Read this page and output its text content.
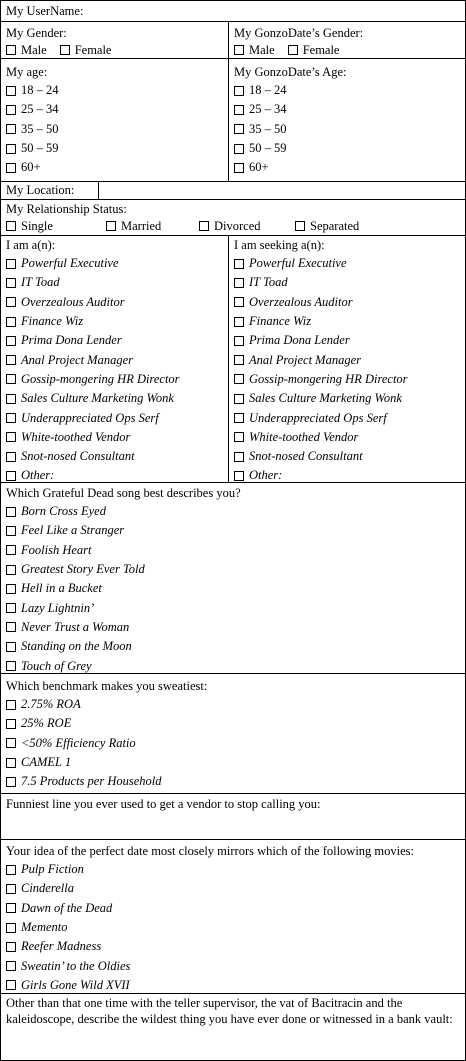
My UserName:
My Gender:
Male Female
My GonzoDate’s Gender:
Male Female
My age:
18 – 24
25 – 34
35 – 50
50 – 59
60+
My GonzoDate’s Age:
18 – 24
25 – 34
35 – 50
50 – 59
60+
My Location:
My Relationship Status:
Single	Married	Divorced	Separated
I am a(n):
Powerful Executive
IT Toad
Overzealous Auditor
Finance Wiz
Prima Dona Lender
Anal Project Manager
Gossip-mongering HR Director
Sales Culture Marketing Wonk
Underappreciated Ops Serf
White-toothed Vendor
Snot-nosed Consultant
Other:
I am seeking a(n):
Powerful Executive
IT Toad
Overzealous Auditor
Finance Wiz
Prima Dona Lender
Anal Project Manager
Gossip-mongering HR Director
Sales Culture Marketing Wonk
Underappreciated Ops Serf
White-toothed Vendor
Snot-nosed Consultant
Other:
Which Grateful Dead song best describes you?
Born Cross Eyed
Feel Like a Stranger
Foolish Heart
Greatest Story Ever Told
Hell in a Bucket
Lazy Lightnin’
Never Trust a Woman
Standing on the Moon
Touch of Grey
Which benchmark makes you sweatiest:
2.75% ROA
25% ROE
<50% Efficiency Ratio
CAMEL 1
7.5 Products per Household
Funniest line you ever used to get a vendor to stop calling you:
Your idea of the perfect date most closely mirrors which of the following movies:
Pulp Fiction
Cinderella
Dawn of the Dead
Memento
Reefer Madness
Sweatin’ to the Oldies
Girls Gone Wild XVII
Other than that one time with the teller supervisor, the vat of Bacitracin and the kaleidoscope, describe the wildest thing you have ever done or witnessed in a bank vault:
